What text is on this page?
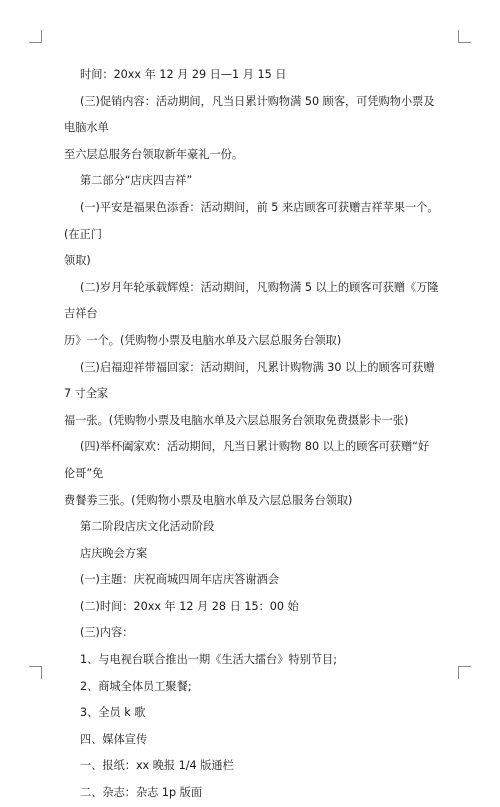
时间：20xx 年 12 月 29 日—1 月 15 日

(三)促销内容：活动期间，凡当日累计购物满 50 顾客，可凭购物小票及电脑水单

至六层总服务台领取新年豪礼一份。

第二部分“店庆四吉祥”

(一)平安是福果色添香：活动期间，前 5 来店顾客可获赠吉祥苹果一个。(在正门

领取)

(二)岁月年轮承载辉煌：活动期间，凡购物满 5 以上的顾客可获赠《万隆吉祥台

历》一个。(凭购物小票及电脑水单及六层总服务台领取)

(三)启福迎祥带福回家：活动期间，凡累计购物满 30 以上的顾客可获赠 7 寸全家

福一张。(凭购物小票及电脑水单及六层总服务台领取免费摄影卡一张)

(四)举杯阖家欢：活动期间，凡当日累计购物 80 以上的顾客可获赠“好伦哥”免

费餐劵三张。(凭购物小票及电脑水单及六层总服务台领取)

第二阶段店庆文化活动阶段

店庆晚会方案

(一)主题：庆祝商城四周年店庆答谢酒会

(二)时间：20xx 年 12 月 28 日 15：00 始

(三)内容：

1、与电视台联合推出一期《生活大擂台》特别节目;

2、商城全体员工聚餐;

3、全员 k 歌

四、媒体宣传

一、报纸：xx 晚报 1/4 版通栏

二、杂志：杂志 1p 版面
